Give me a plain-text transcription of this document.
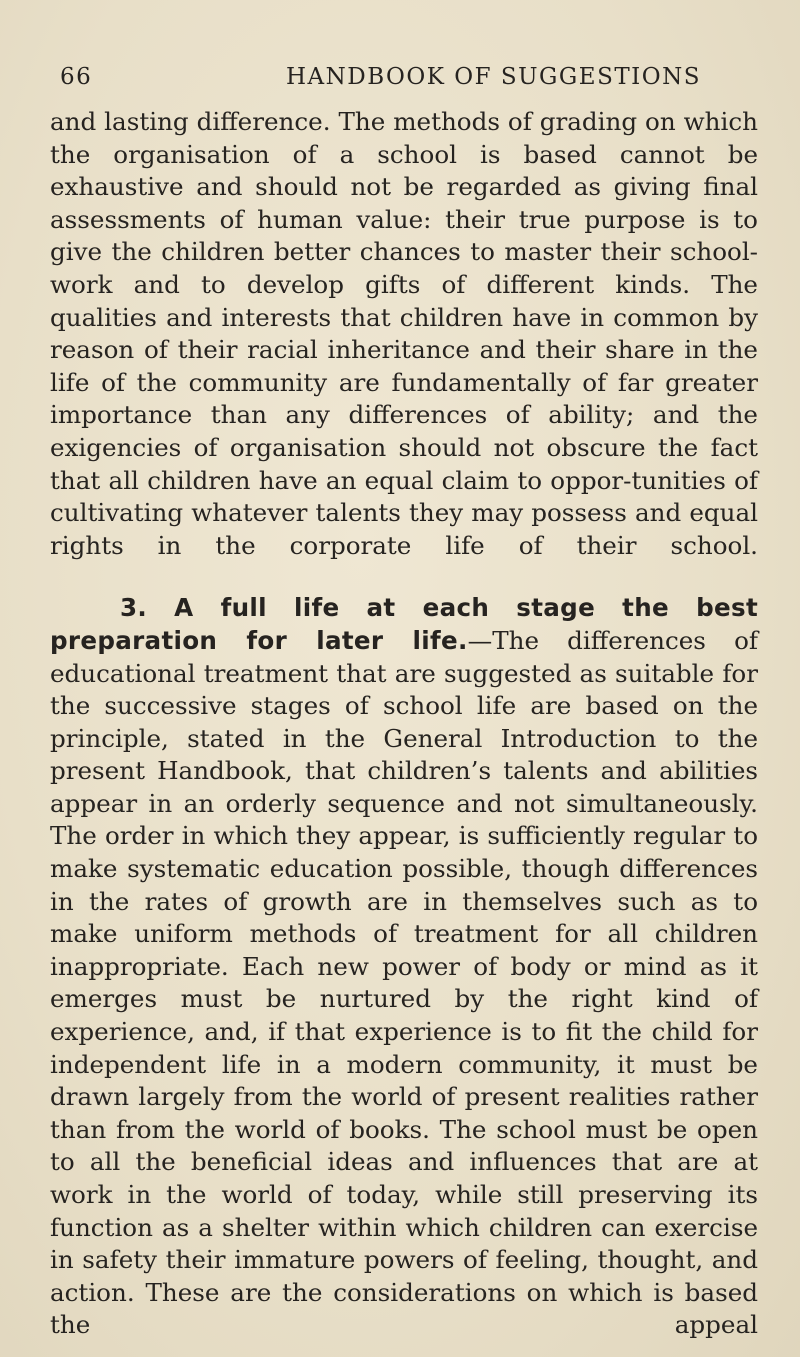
66	HANDBOOK OF SUGGESTIONS

and lasting difference. The methods of grading on which the organisation of a school is based cannot be exhaustive and should not be regarded as giving final assessments of human value: their true purpose is to give the children better chances to master their school-work and to develop gifts of different kinds. The qualities and interests that children have in common by reason of their racial inheritance and their share in the life of the community are fundamentally of far greater importance than any differences of ability; and the exigencies of organisation should not obscure the fact that all children have an equal claim to oppor-tunities of cultivating whatever talents they may possess and equal rights in the corporate life of their school.

3. A full life at each stage the best preparation for later life.—The differences of educational treatment that are suggested as suitable for the successive stages of school life are based on the principle, stated in the General Introduction to the present Handbook, that children’s talents and abilities appear in an orderly sequence and not simultaneously. The order in which they appear, is sufficiently regular to make systematic education possible, though differences in the rates of growth are in themselves such as to make uniform methods of treatment for all children inappropriate. Each new power of body or mind as it emerges must be nurtured by the right kind of experience, and, if that experience is to fit the child for independent life in a modern community, it must be drawn largely from the world of present realities rather than from the world of books. The school must be open to all the beneficial ideas and influences that are at work in the world of today, while still preserving its function as a shelter within which children can exercise in safety their immature powers of feeling, thought, and action. These are the considerations on which is based the appeal
